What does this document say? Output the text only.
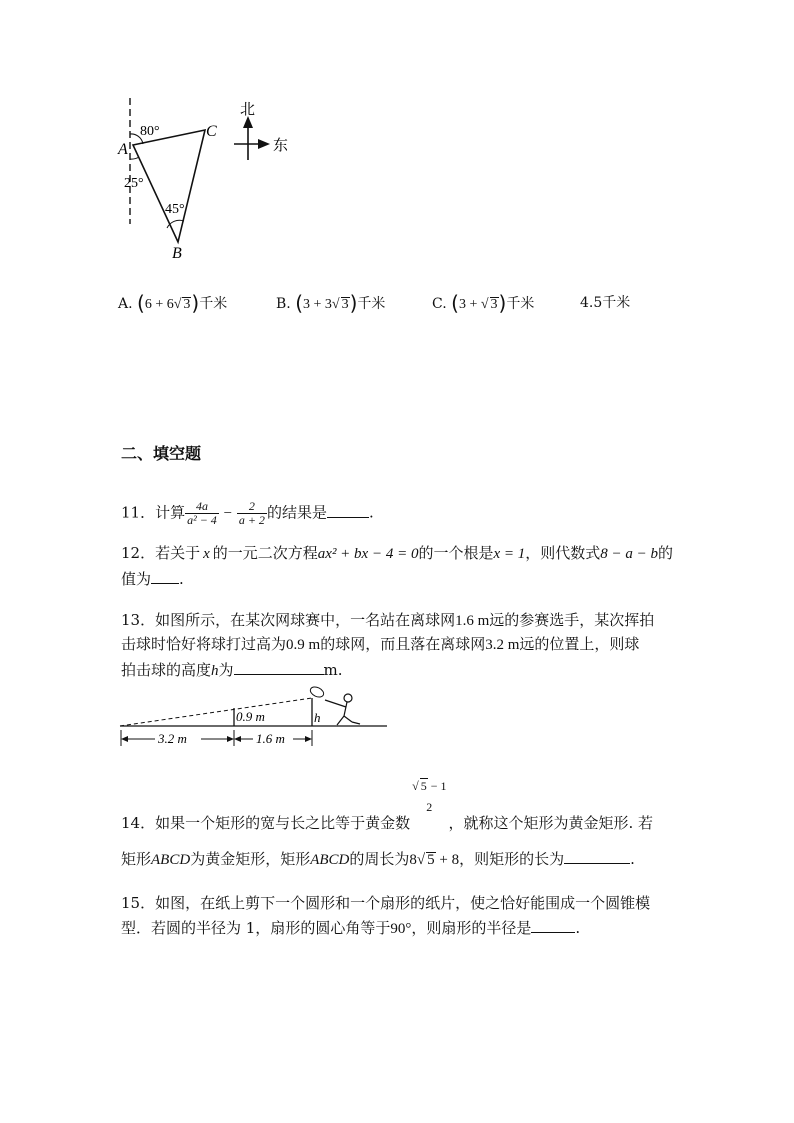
A
C
B
80°
25°
45°
北
东
A. (6 + 6√ 3)千米	B. (3 + 3√ 3)千米	C. (3 + √ 3)千米	4.5千米
二、填空题
11．计算 $\frac{4a}{\text{a² − 4}} - \frac{2}{a + 2}$ 的结果是	.
12．若关于 x 的一元二次方程ax² + bx − 4 = 0的一个根是x = 1，则代数式8 − a − b的
值为 .
13．如图所示，在某次网球赛中，一名站在离球网1.6 m远的参赛选手，某次挥拍
击球时恰好将球打过高为0.9 m的球网，而且落在离球网3.2 m远的位置上，则球
拍击球的高度h为	m.
0.9 m	h
3.2 m	1.6 m
14．如果一个矩形的宽与长之比等于黄金数
√ 5 − 1
2
，就称这个矩形为黄金矩形. 若
矩形ABCD为黄金矩形，矩形ABCD的周长为8√ 5 + 8，则矩形的长为	.
15．如图，在纸上剪下一个圆形和一个扇形的纸片，使之恰好能围成一个圆锥模
型．若圆的半径为 1，扇形的圆心角等于90°，则扇形的半径是	.
